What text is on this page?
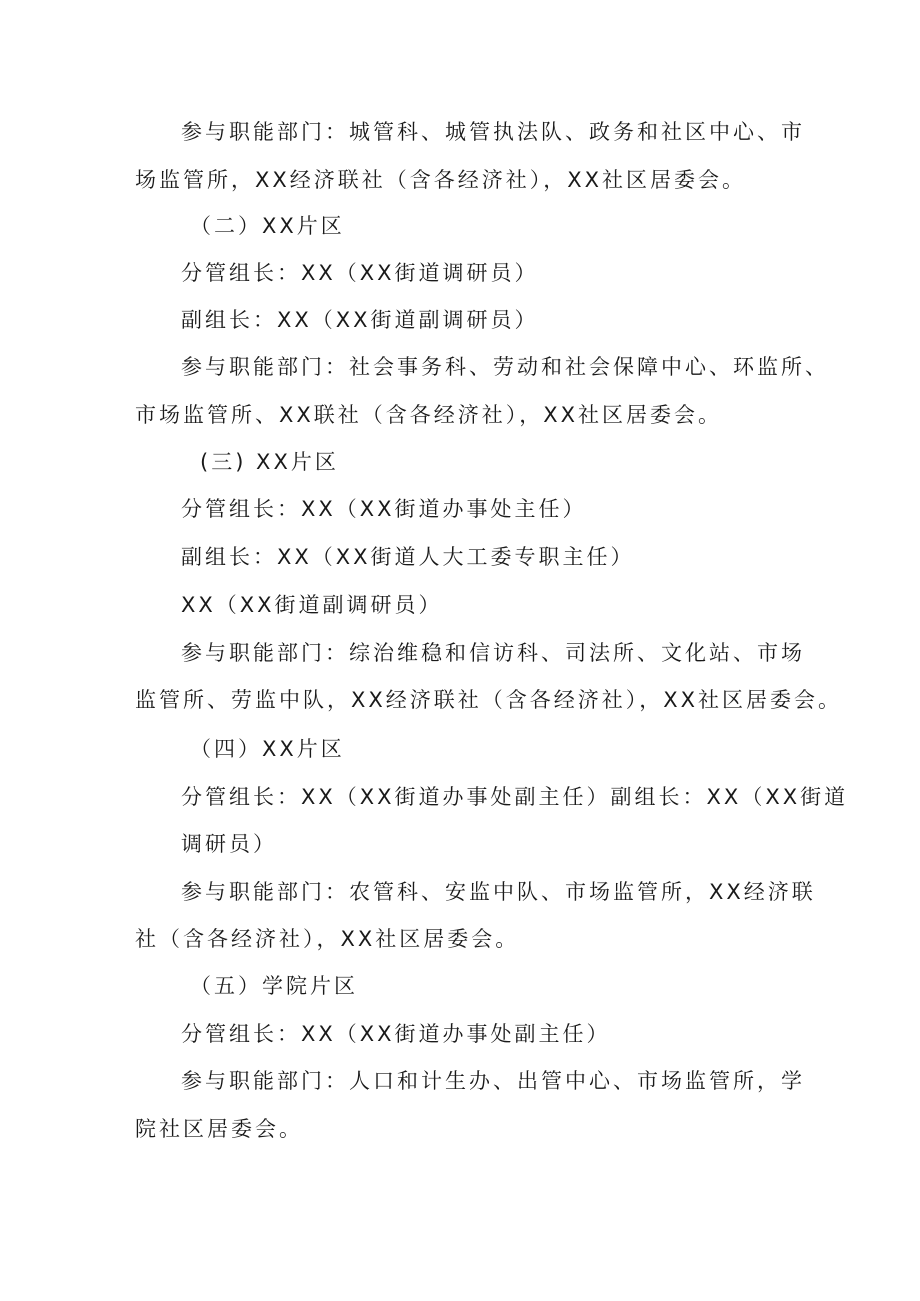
参与职能部门：城管科、城管执法队、政务和社区中心、市
场监管所，XX经济联社（含各经济社），XX社区居委会。
（二）XX片区
分管组长：XX（XX街道调研员）
副组长：XX（XX街道副调研员）
参与职能部门：社会事务科、劳动和社会保障中心、环监所、
市场监管所、XX联社（含各经济社），XX社区居委会。
(三) XX片区
分管组长：XX（XX街道办事处主任）
副组长：XX（XX街道人大工委专职主任）
XX（XX街道副调研员）
参与职能部门：综治维稳和信访科、司法所、文化站、市场
监管所、劳监中队，XX经济联社（含各经济社），XX社区居委会。
（四）XX片区
分管组长：XX（XX街道办事处副主任）副组长：XX（XX街道
调研员）
参与职能部门：农管科、安监中队、市场监管所，XX经济联
社（含各经济社），XX社区居委会。
（五）学院片区
分管组长：XX（XX街道办事处副主任）
参与职能部门：人口和计生办、出管中心、市场监管所，学
院社区居委会。
